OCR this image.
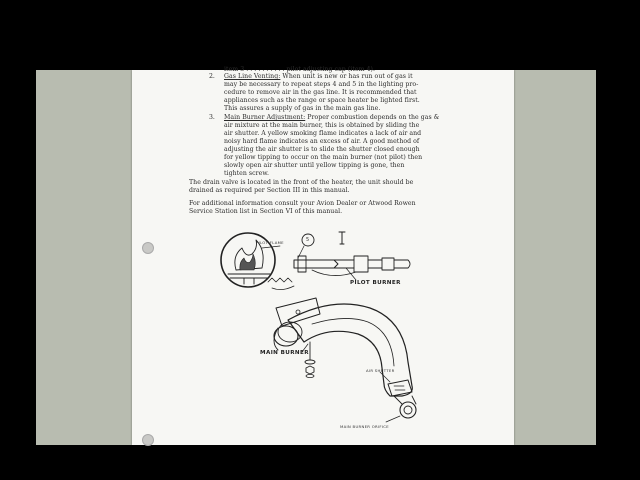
item 3 . . . . . . . . . . pilot adjusting cap (item 4).
2. Gas Line Venting: When unit is new or has run out of gas it
may be necessary to repeat steps 4 and 5 in the lighting pro-
cedure to remove air in the gas line. It is recommended that
appliances such as the range or space heater be lighted first.
This assures a supply of gas in the main gas line.
3. Main Burner Adjustment: Proper combustion depends on the gas &
air mixture at the main burner, this is obtained by sliding the
air shutter. A yellow smoking flame indicates a lack of air and
noisy hard flame indicates an excess of air. A good method of
adjusting the air shutter is to slide the shutter closed enough
for yellow tipping to occur on the main burner (not pilot) then
slowly open air shutter until yellow tipping is gone, then
tighten screw.
The drain valve is located in the front of the heater, the unit should be
drained as required per Section III in this manual.
For additional information consult your Avion Dealer or Atwood Rowen
Service Station list in Section VI of this manual.
PILOT FLAME	5
PILOT BURNER
MAIN BURNER
AIR SHUTTER
MAIN BURNER ORIFICE
